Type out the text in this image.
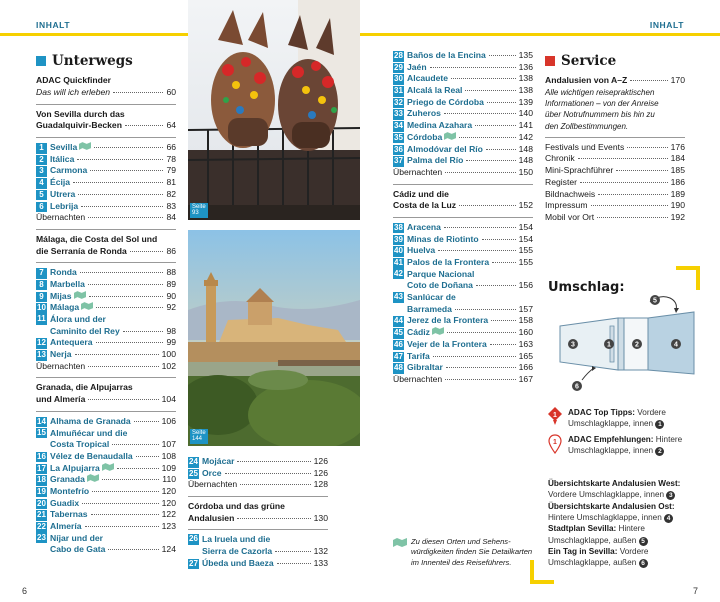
INHALT	INHALT
Seite
93
Seite
144
Unterwegs
ADAC Quickfinder
Das will ich erleben	60
Von Sevilla durch das
Guadalquivir-Becken	64
1 Sevilla	66
2 Itálica	78
3 Carmona	79
4 Écija	81
5 Utrera	82
6 Lebrija	83
Übernachten	84
Málaga, die Costa del Sol und
die Serranía de Ronda	86
7 Ronda	88
8 Marbella	89
9 Mijas	90
10 Málaga	92
11 Álora und der
Caminito del Rey	98
12 Antequera	99
13 Nerja	100
Übernachten	102
Granada, die Alpujarras
und Almería	104
14 Alhama de Granada	106
15 Almuñécar und die
Costa Tropical	107
16 Vélez de Benaudalla	108
17 La Alpujarra	109
18 Granada	110
19 Montefrío	120
20 Guadix	120
21 Tabernas	122
22 Almería	123
23 Níjar und der
Cabo de Gata	124
24 Mojácar	126
25 Orce	126
Übernachten	128
Córdoba und das grüne
Andalusien	130
26 La Iruela und die
Sierra de Cazorla	132
27 Úbeda und Baeza	133
28 Baños de la Encina	135
29 Jaén	136
30 Alcaudete	138
31 Alcalá la Real	138
32 Priego de Córdoba	139
33 Zuheros	140
34 Medina Azahara	141
35 Córdoba	142
36 Almodóvar del Río	148
37 Palma del Río	148
Übernachten	150
Cádiz und die
Costa de la Luz	152
38 Aracena	154
39 Minas de Riotinto	154
40 Huelva	155
41 Palos de la Frontera	155
42 Parque Nacional
Coto de Doñana	156
43 Sanlúcar de
Barrameda	157
44 Jerez de la Frontera	158
45 Cádiz	160
46 Vejer de la Frontera	163
47 Tarifa	165
48 Gibraltar	166
Übernachten	167
Zu diesen Orten und Sehens-
würdigkeiten finden Sie Detailkarten
im Innenteil des Reiseführers.
Service
Andalusien von A–Z	170
Alle wichtigen reisepraktischen
Informationen – von der Anreise
über Notrufnummern bis hin zu
den Zollbestimmungen.
Festivals und Events	176
Chronik	184
Mini-Sprachführer	185
Register	186
Bildnachweis	189
Impressum	190
Mobil vor Ort	192
Umschlag:
3	1	2	4
5
6
1 ADAC Top Tipps: Vordere
Umschlagklappe, innen 1
1 ADAC Empfehlungen: Hintere
Umschlagklappe, innen 2
Übersichtskarte Andalusien West:
Vordere Umschlagklappe, innen 3
Übersichtskarte Andalusien Ost:
Hintere Umschlagklappe, innen 4
Stadtplan Sevilla: Hintere
Umschlagklappe, außen 5
Ein Tag in Sevilla: Vordere
Umschlagklappe, außen 6
6	7
